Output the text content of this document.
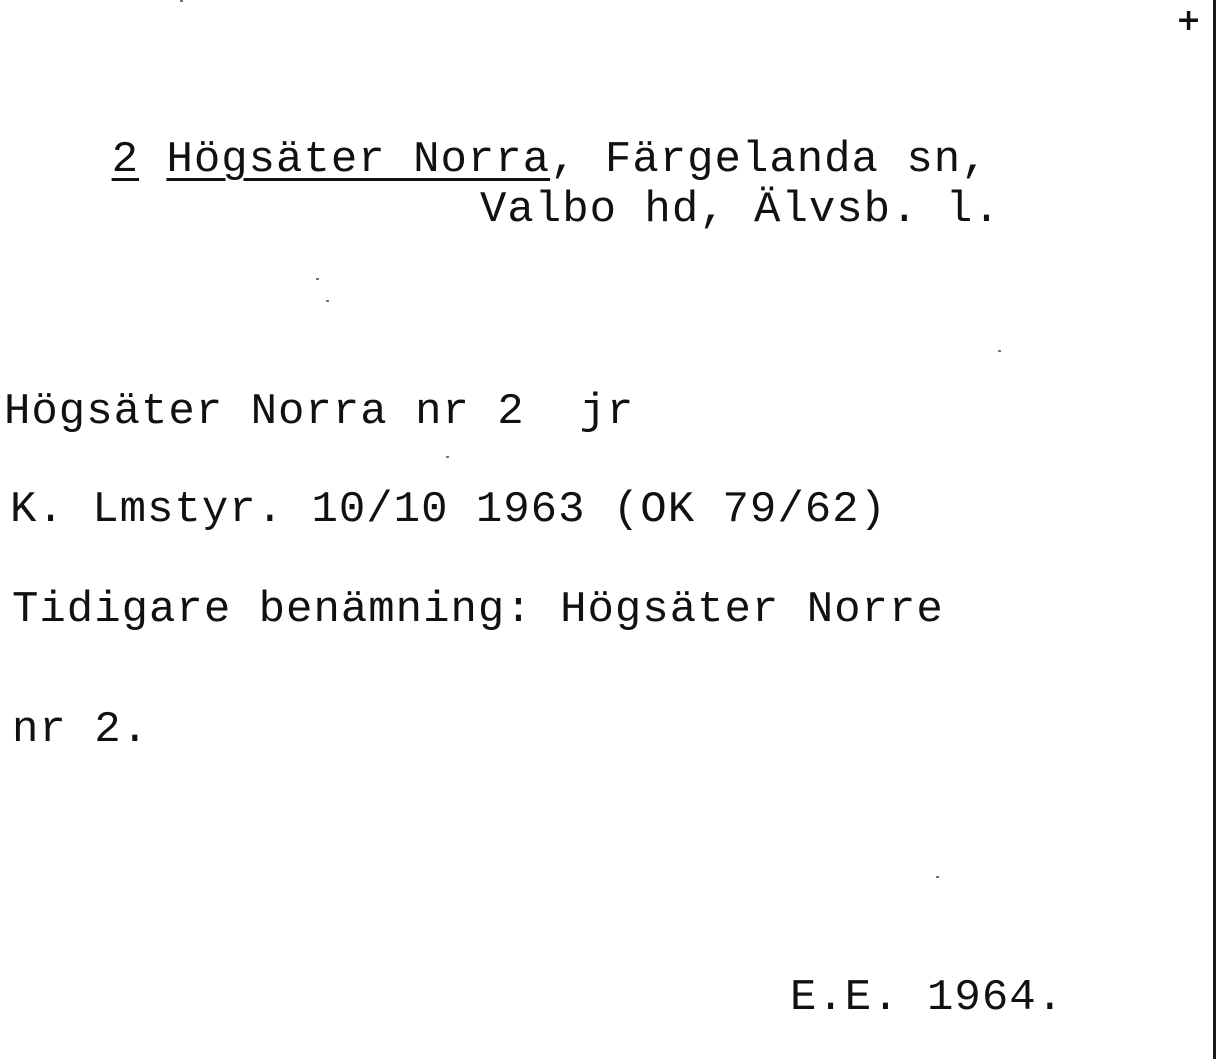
+

2 Högsäter Norra, Färgelanda sn,

Valbo hd, Älvsb. l.
Högsäter Norra nr 2  jr
K. Lmstyr. 10/10 1963 (OK 79/62)
Tidigare benämning: Högsäter Norre
nr 2.
E.E. 1964.
